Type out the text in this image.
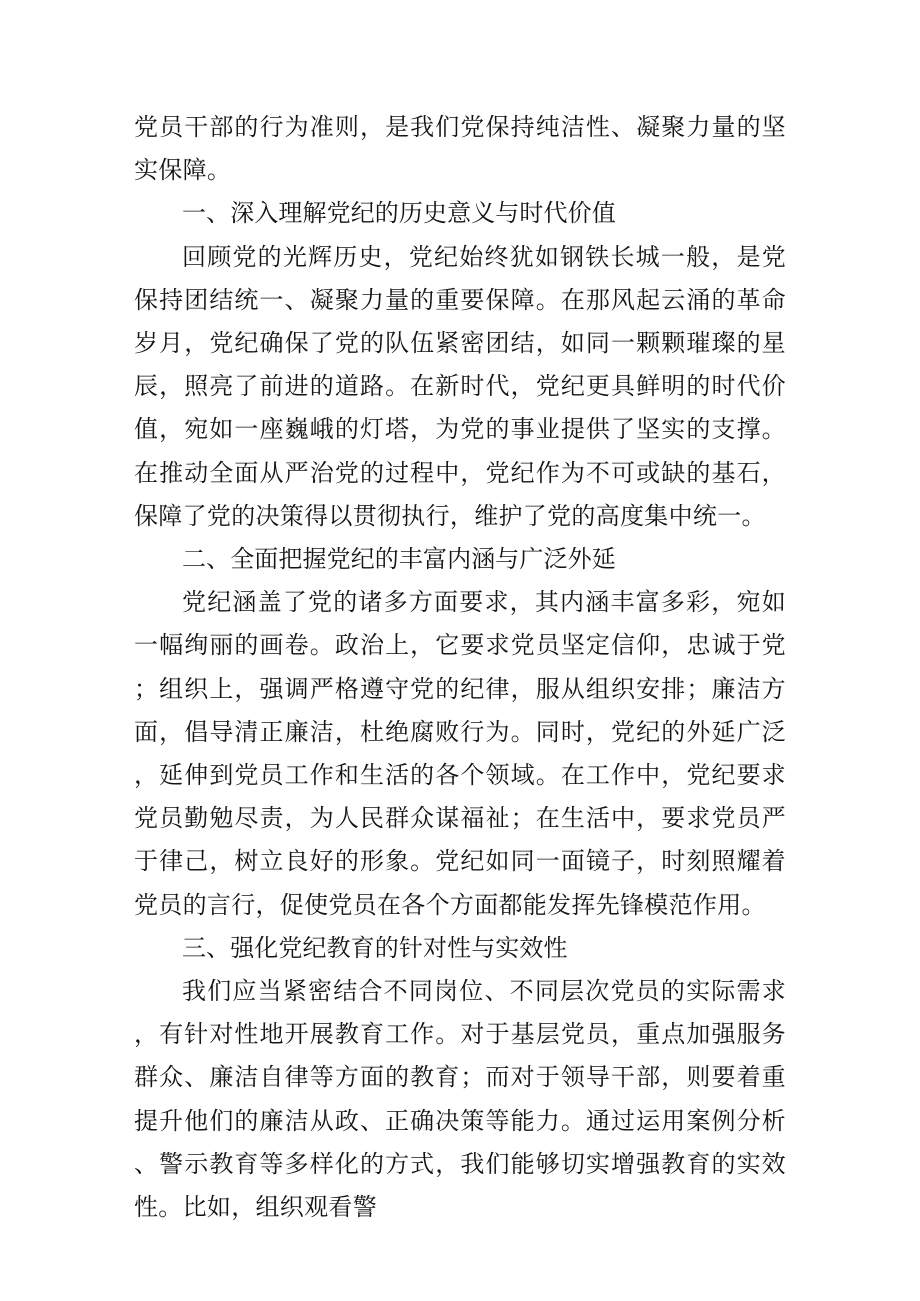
党员干部的行为准则，是我们党保持纯洁性、凝聚力量的坚实保障。

一、深入理解党纪的历史意义与时代价值

回顾党的光辉历史，党纪始终犹如钢铁长城一般，是党保持团结统一、凝聚力量的重要保障。在那风起云涌的革命岁月，党纪确保了党的队伍紧密团结，如同一颗颗璀璨的星辰，照亮了前进的道路。在新时代，党纪更具鲜明的时代价值，宛如一座巍峨的灯塔，为党的事业提供了坚实的支撑。在推动全面从严治党的过程中，党纪作为不可或缺的基石，保障了党的决策得以贯彻执行，维护了党的高度集中统一。

二、全面把握党纪的丰富内涵与广泛外延

党纪涵盖了党的诸多方面要求，其内涵丰富多彩，宛如一幅绚丽的画卷。政治上，它要求党员坚定信仰，忠诚于党；组织上，强调严格遵守党的纪律，服从组织安排；廉洁方面，倡导清正廉洁，杜绝腐败行为。同时，党纪的外延广泛，延伸到党员工作和生活的各个领域。在工作中，党纪要求党员勤勉尽责，为人民群众谋福祉；在生活中，要求党员严于律己，树立良好的形象。党纪如同一面镜子，时刻照耀着党员的言行，促使党员在各个方面都能发挥先锋模范作用。

三、强化党纪教育的针对性与实效性

我们应当紧密结合不同岗位、不同层次党员的实际需求，有针对性地开展教育工作。对于基层党员，重点加强服务群众、廉洁自律等方面的教育；而对于领导干部，则要着重提升他们的廉洁从政、正确决策等能力。通过运用案例分析、警示教育等多样化的方式，我们能够切实增强教育的实效性。比如，组织观看警
